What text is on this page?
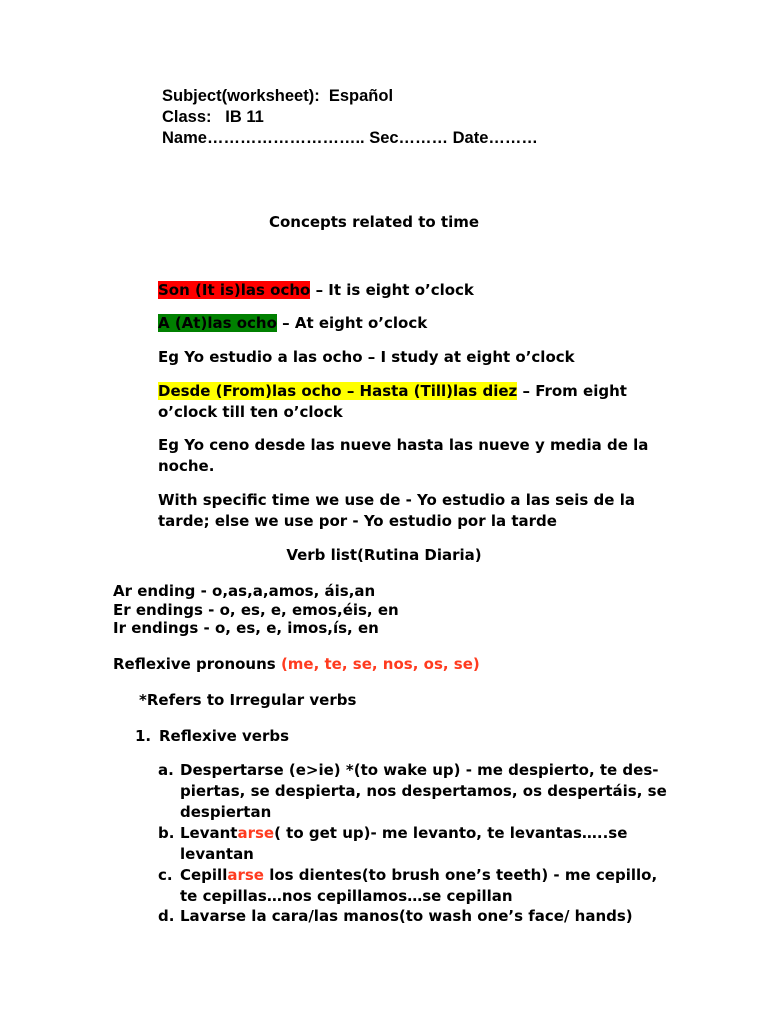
Subject(worksheet):  Español
Class:   IB 11
Name……………………….. Sec……… Date………
Concepts related to time
Son (It is)las ocho – It is eight o’clock
A (At)las ocho – At eight o’clock
Eg Yo estudio a las ocho – I study at eight o’clock
Desde (From)las ocho – Hasta (Till)las diez – From eight o’clock till ten o’clock
Eg Yo ceno desde las nueve hasta las nueve y media de la noche.
With specific time we use de - Yo estudio a las seis de la tarde; else we use por - Yo estudio por la tarde
Verb list(Rutina Diaria)
Ar ending - o,as,a,amos, áis,an
Er endings - o, es, e, emos,éis, en
Ir endings - o, es, e, imos,ís, en
Reflexive pronouns (me, te, se, nos, os, se)
*Refers to Irregular verbs
1. Reflexive verbs
a. Despertarse (e>ie) *(to wake up) - me despierto, te des-piertas, se despierta, nos despertamos, os despertáis, se despiertan
b. Levantarse( to get up)- me levanto, te levantas…..se levantan
c. Cepillarse los dientes(to brush one’s teeth) - me cepillo, te cepillas…nos cepillamos…se cepillan
d. Lavarse la cara/las manos(to wash one’s face/ hands)
